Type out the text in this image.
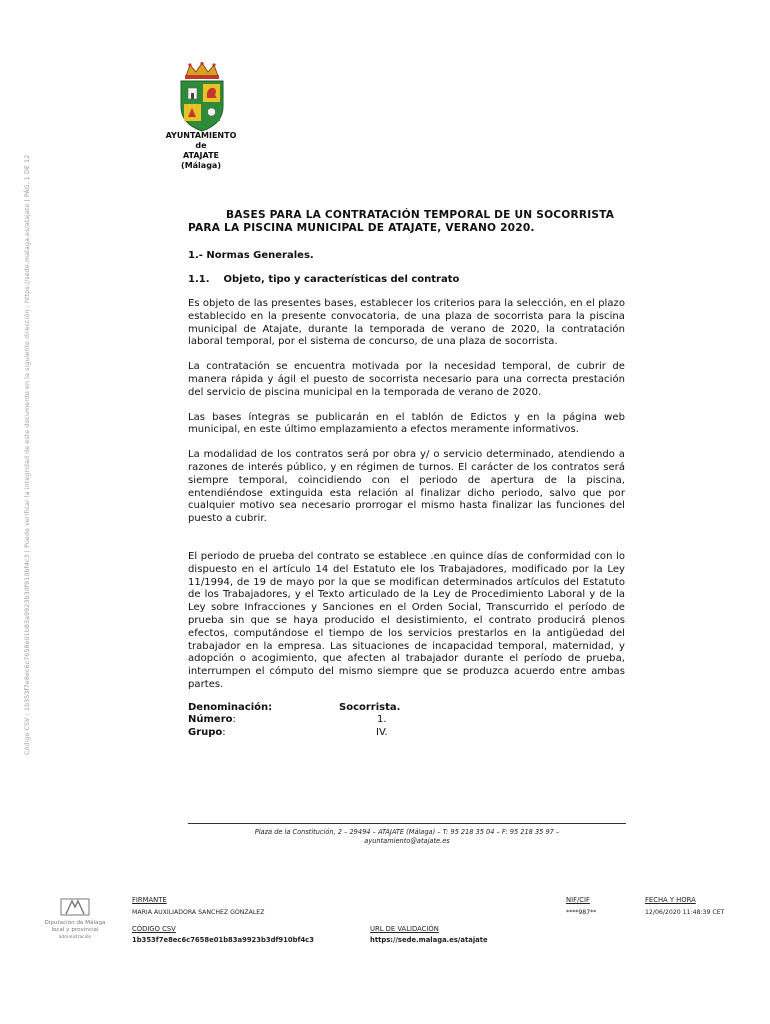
Código CSV : 1b353f7e8ec6c7658e01b83a9923b3df910bf4c3 | Puede verificar la integridad de este documento en la siguiente dirección : https://sede.malaga.es/atajate | PÁG. 1 DE 12
AYUNTAMIENTO
de
ATAJATE
(Málaga)

BASES PARA LA CONTRATACIÓN TEMPORAL DE UN SOCORRISTA
PARA LA PISCINA MUNICIPAL DE ATAJATE, VERANO 2020.

1.- Normas Generales.

1.1. Objeto, tipo y características del contrato

Es objeto de las presentes bases, establecer los criterios para la selección, en el plazo establecido en la presente convocatoria, de una plaza de socorrista para la piscina municipal de Atajate, durante la temporada de verano de 2020, la contratación laboral temporal, por el sistema de concurso, de una plaza de socorrista.

La contratación se encuentra motivada por la necesidad temporal, de cubrir de manera rápida y ágil el puesto de socorrista necesario para una correcta prestación del servicio de piscina municipal en la temporada de verano de 2020.

Las bases íntegras se publicarán en el tablón de Edictos y en la página web municipal, en este último emplazamiento a efectos meramente informativos.

La modalidad de los contratos será por obra y/ o servicio determinado, atendiendo a razones de interés público, y en régimen de turnos. El carácter de los contratos será siempre temporal, coincidiendo con el periodo de apertura de la piscina, entendiéndose extinguida esta relación al finalizar dicho periodo, salvo que por cualquier motivo sea necesario prorrogar el mismo hasta finalizar las funciones del puesto a cubrir.

El periodo de prueba del contrato se establece .en quince días de conformidad con lo dispuesto en el artículo 14 del Estatuto ele los Trabajadores, modificado por la Ley 11/1994, de 19 de mayo por la que se modifican determinados artículos del Estatuto de los Trabajadores, y el Texto articulado de la Ley de Procedimiento Laboral y de la Ley sobre Infracciones y Sanciones en el Orden Social, Transcurrido el período de prueba sin que se haya producido el desistimiento, el contrato producirá plenos efectos, computándose el tiempo de los servicios prestarlos en la antigüedad del trabajador en la empresa. Las situaciones de incapacidad temporal, maternidad, y adopción o acogimiento, que afecten al trabajador durante el período de prueba, interrumpen el cómputo del mismo siempre que se produzca acuerdo entre ambas partes.

Denominación:	Socorrista.
Número:	1.
Grupo:	IV.
Plaza de la Constitución, 2 – 29494 – ATAJATE (Málaga) – T: 95 218 35 04 – F: 95 218 35 97 –
ayuntamiento@atajate.es
Diputación de Málaga
local y provincial
administración
FIRMANTE
MARIA AUXILIADORA SANCHEZ GONZALEZ
NIF/CIF
****987**
FECHA Y HORA
12/06/2020 11:48:39 CET
CÓDIGO CSV
1b353f7e8ec6c7658e01b83a9923b3df910bf4c3
URL DE VALIDACIÓN
https://sede.malaga.es/atajate
